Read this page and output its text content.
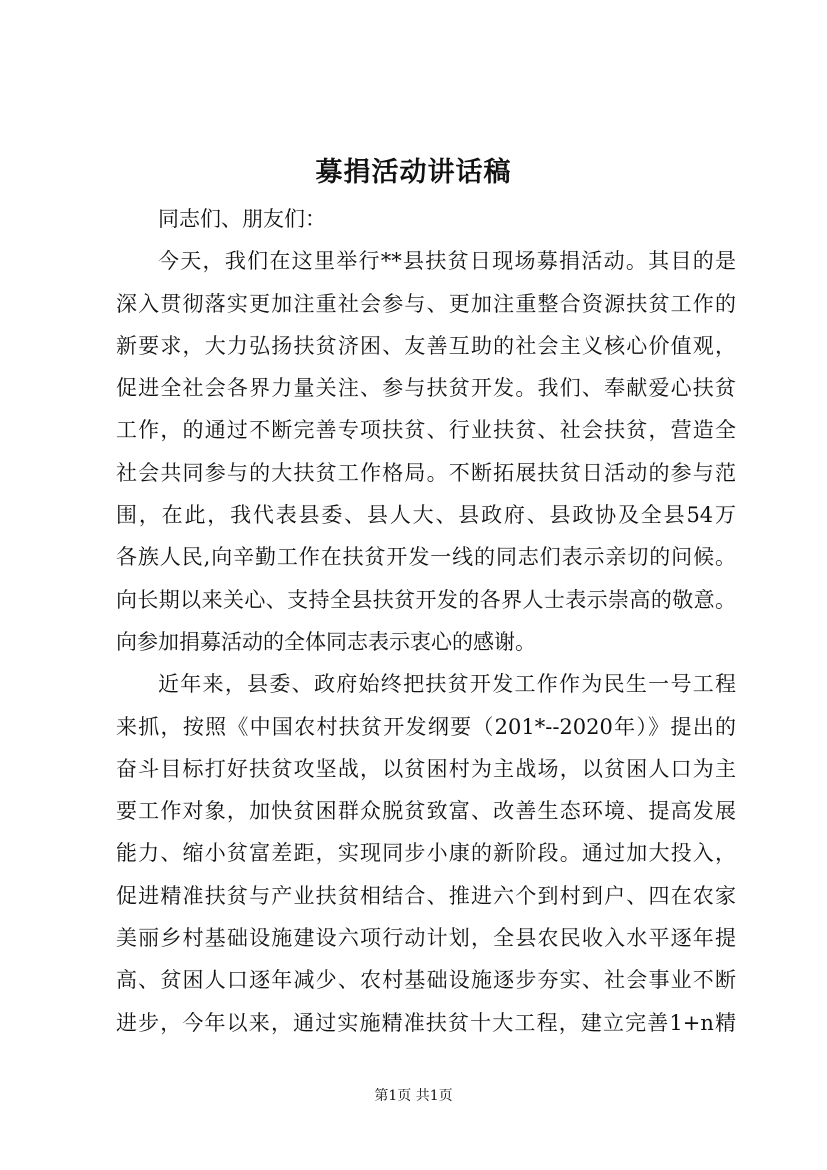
募捐活动讲话稿
同志们、朋友们：
今天，我们在这里举行**县扶贫日现场募捐活动。其目的是
深入贯彻落实更加注重社会参与、更加注重整合资源扶贫工作的
新要求，大力弘扬扶贫济困、友善互助的社会主义核心价值观，
促进全社会各界力量关注、参与扶贫开发。我们、奉献爱心扶贫
工作，的通过不断完善专项扶贫、行业扶贫、社会扶贫，营造全
社会共同参与的大扶贫工作格局。不断拓展扶贫日活动的参与范
围，在此，我代表县委、县人大、县政府、县政协及全县54万
各族人民,向辛勤工作在扶贫开发一线的同志们表示亲切的问候。
向长期以来关心、支持全县扶贫开发的各界人士表示崇高的敬意。
向参加捐募活动的全体同志表示衷心的感谢。
近年来，县委、政府始终把扶贫开发工作作为民生一号工程
来抓，按照《中国农村扶贫开发纲要（201*--2020年）》提出的
奋斗目标打好扶贫攻坚战，以贫困村为主战场，以贫困人口为主
要工作对象，加快贫困群众脱贫致富、改善生态环境、提高发展
能力、缩小贫富差距，实现同步小康的新阶段。通过加大投入，
促进精准扶贫与产业扶贫相结合、推进六个到村到户、四在农家
美丽乡村基础设施建设六项行动计划，全县农民收入水平逐年提
高、贫困人口逐年减少、农村基础设施逐步夯实、社会事业不断
进步，今年以来，通过实施精准扶贫十大工程，建立完善1+n精
第1页 共1页
